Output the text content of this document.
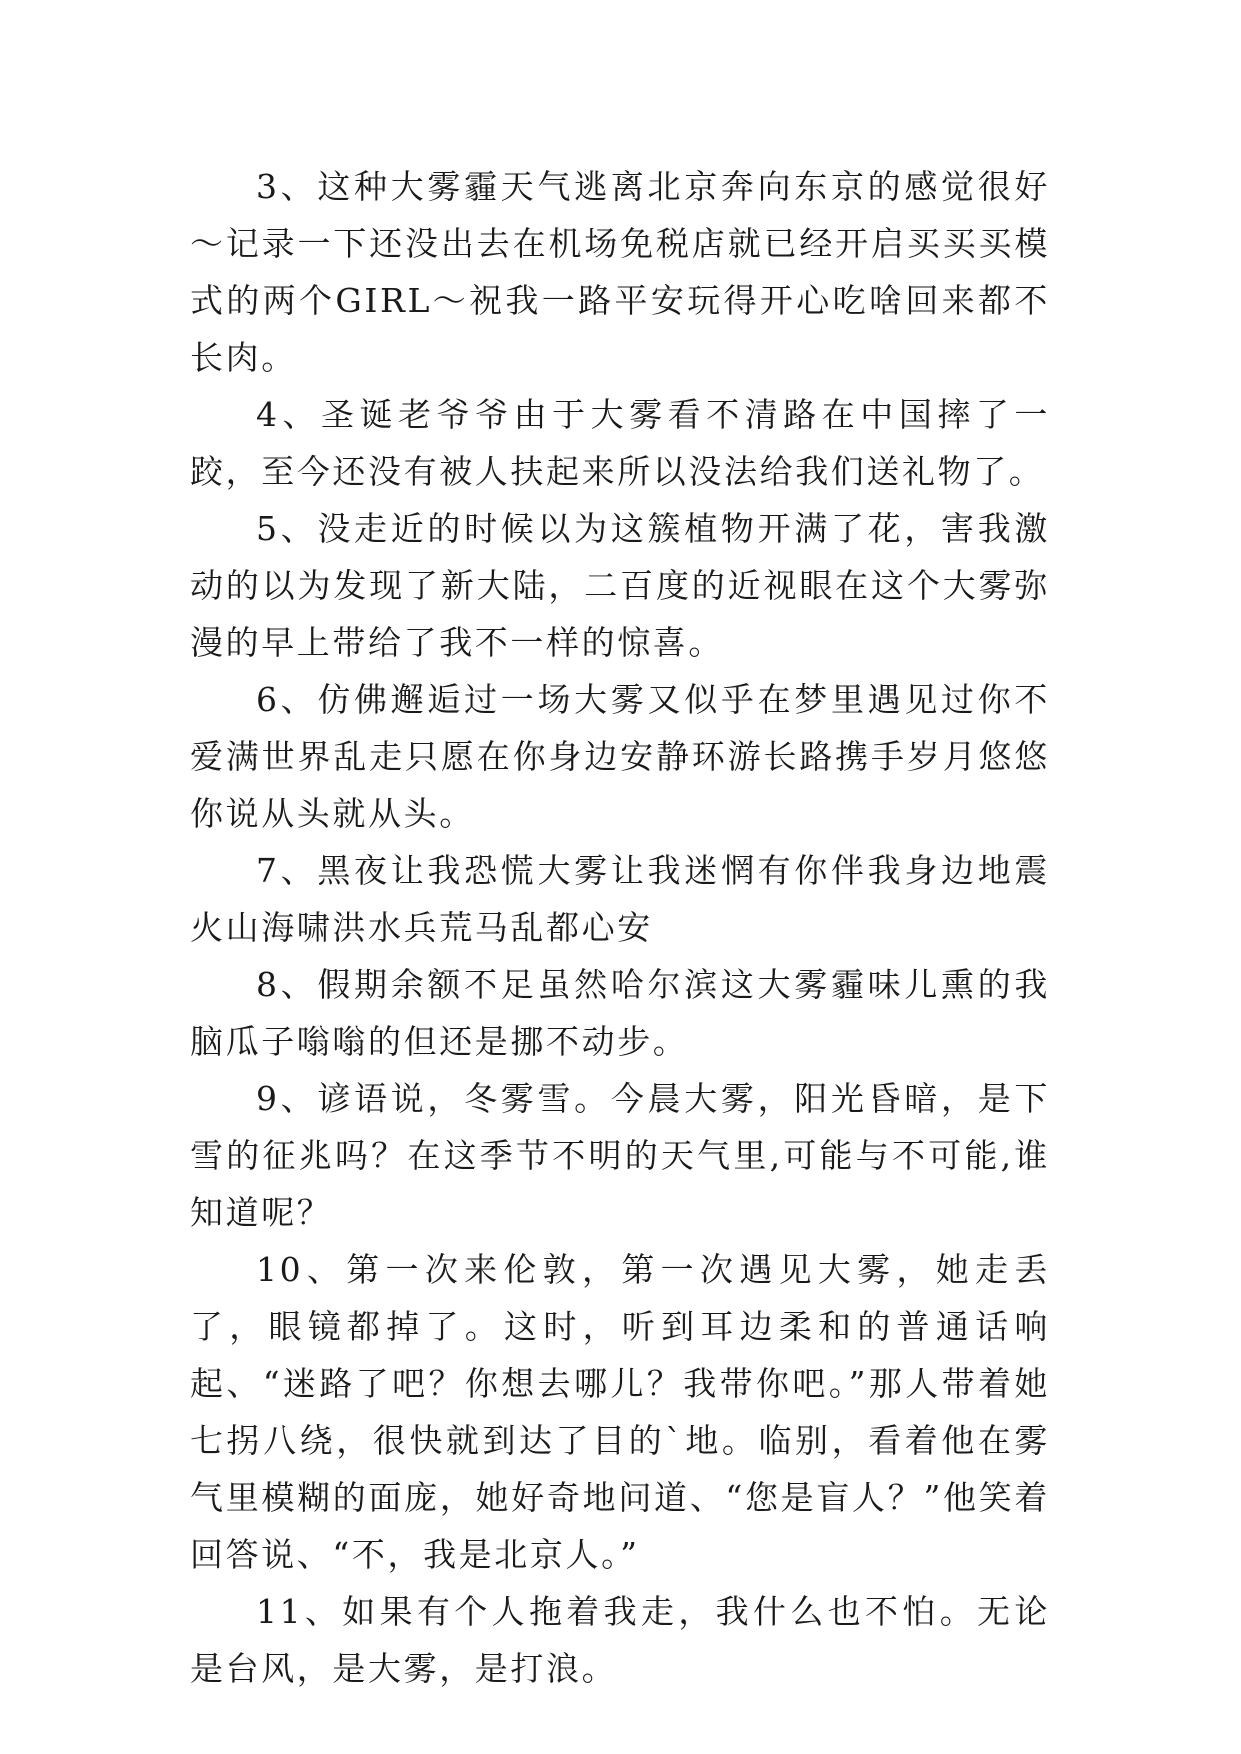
3、这种大雾霾天气逃离北京奔向东京的感觉很好～记录一下还没出去在机场免税店就已经开启买买买模式的两个GIRL～祝我一路平安玩得开心吃啥回来都不长肉。

4、圣诞老爷爷由于大雾看不清路在中国摔了一跤，至今还没有被人扶起来所以没法给我们送礼物了。

5、没走近的时候以为这簇植物开满了花，害我激动的以为发现了新大陆，二百度的近视眼在这个大雾弥漫的早上带给了我不一样的惊喜。

6、仿佛邂逅过一场大雾又似乎在梦里遇见过你不爱满世界乱走只愿在你身边安静环游长路携手岁月悠悠你说从头就从头。

7、黑夜让我恐慌大雾让我迷惘有你伴我身边地震火山海啸洪水兵荒马乱都心安

8、假期余额不足虽然哈尔滨这大雾霾味儿熏的我脑瓜子嗡嗡的但还是挪不动步。

9、谚语说，冬雾雪。今晨大雾，阳光昏暗，是下雪的征兆吗？在这季节不明的天气里,可能与不可能,谁知道呢？

10、第一次来伦敦，第一次遇见大雾，她走丢了，眼镜都掉了。这时，听到耳边柔和的普通话响起、“迷路了吧？你想去哪儿？我带你吧。”那人带着她七拐八绕，很快就到达了目的`地。临别，看着他在雾气里模糊的面庞，她好奇地问道、“您是盲人？”他笑着回答说、“不，我是北京人。”

11、如果有个人拖着我走，我什么也不怕。无论是台风，是大雾，是打浪。
